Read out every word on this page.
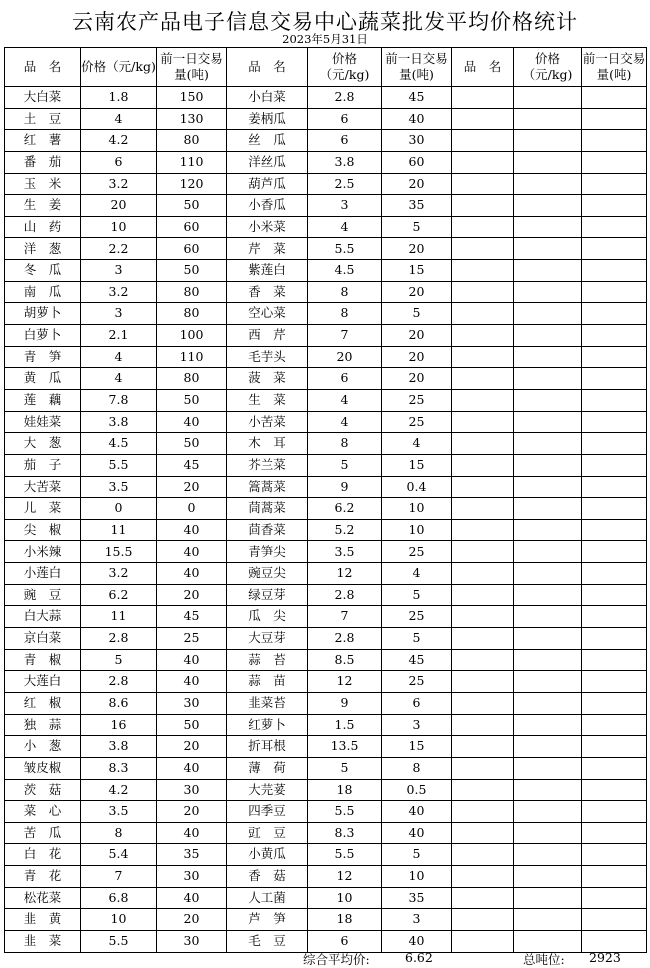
云南农产品电子信息交易中心蔬菜批发平均价格统计
2023年5月31日
品　名	价格（元/kg)	前一日交易量(吨)	品　名	价格（元/kg)	前一日交易量(吨)	品　名	价格（元/kg)	前一日交易量(吨)
大白菜	1.8	150	小白菜	2.8	45			
土　豆	4	130	姜柄瓜	6	40			
红　薯	4.2	80	丝　瓜	6	30			
番　茄	6	110	洋丝瓜	3.8	60			
玉　米	3.2	120	葫芦瓜	2.5	20			
生　姜	20	50	小香瓜	3	35			
山　药	10	60	小米菜	4	5			
洋　葱	2.2	60	芹　菜	5.5	20			
冬　瓜	3	50	紫莲白	4.5	15			
南　瓜	3.2	80	香　菜	8	20			
胡萝卜	3	80	空心菜	8	5			
白萝卜	2.1	100	西　芹	7	20			
青　笋	4	110	毛芋头	20	20			
黄　瓜	4	80	菠　菜	6	20			
莲　藕	7.8	50	生　菜	4	25			
娃娃菜	3.8	40	小苦菜	4	25			
大　葱	4.5	50	木　耳	8	4			
茄　子	5.5	45	芥兰菜	5	15			
大苦菜	3.5	20	篙蒿菜	9	0.4			
儿　菜	0	0	茼蒿菜	6.2	10			
尖　椒	11	40	茴香菜	5.2	10			
小米辣	15.5	40	青笋尖	3.5	25			
小莲白	3.2	40	豌豆尖	12	4			
豌　豆	6.2	20	绿豆芽	2.8	5			
白大蒜	11	45	瓜　尖	7	25			
京白菜	2.8	25	大豆芽	2.8	5			
青　椒	5	40	蒜　苔	8.5	45			
大莲白	2.8	40	蒜　苗	12	25			
红　椒	8.6	30	韭菜苔	9	6			
独　蒜	16	50	红萝卜	1.5	3			
小　葱	3.8	20	折耳根	13.5	15			
皱皮椒	8.3	40	薄　荷	5	8			
茨　菇	4.2	30	大芫荽	18	0.5			
菜　心	3.5	20	四季豆	5.5	40			
苦　瓜	8	40	豇　豆	8.3	40			
白　花	5.4	35	小黄瓜	5.5	5			
青　花	7	30	香　菇	12	10			
松花菜	6.8	40	人工菌	10	35			
韭　黄	10	20	芦　笋	18	3			
韭　菜	5.5	30	毛　豆	6	40			
综合平均价:	6.62	总吨位: 2923
